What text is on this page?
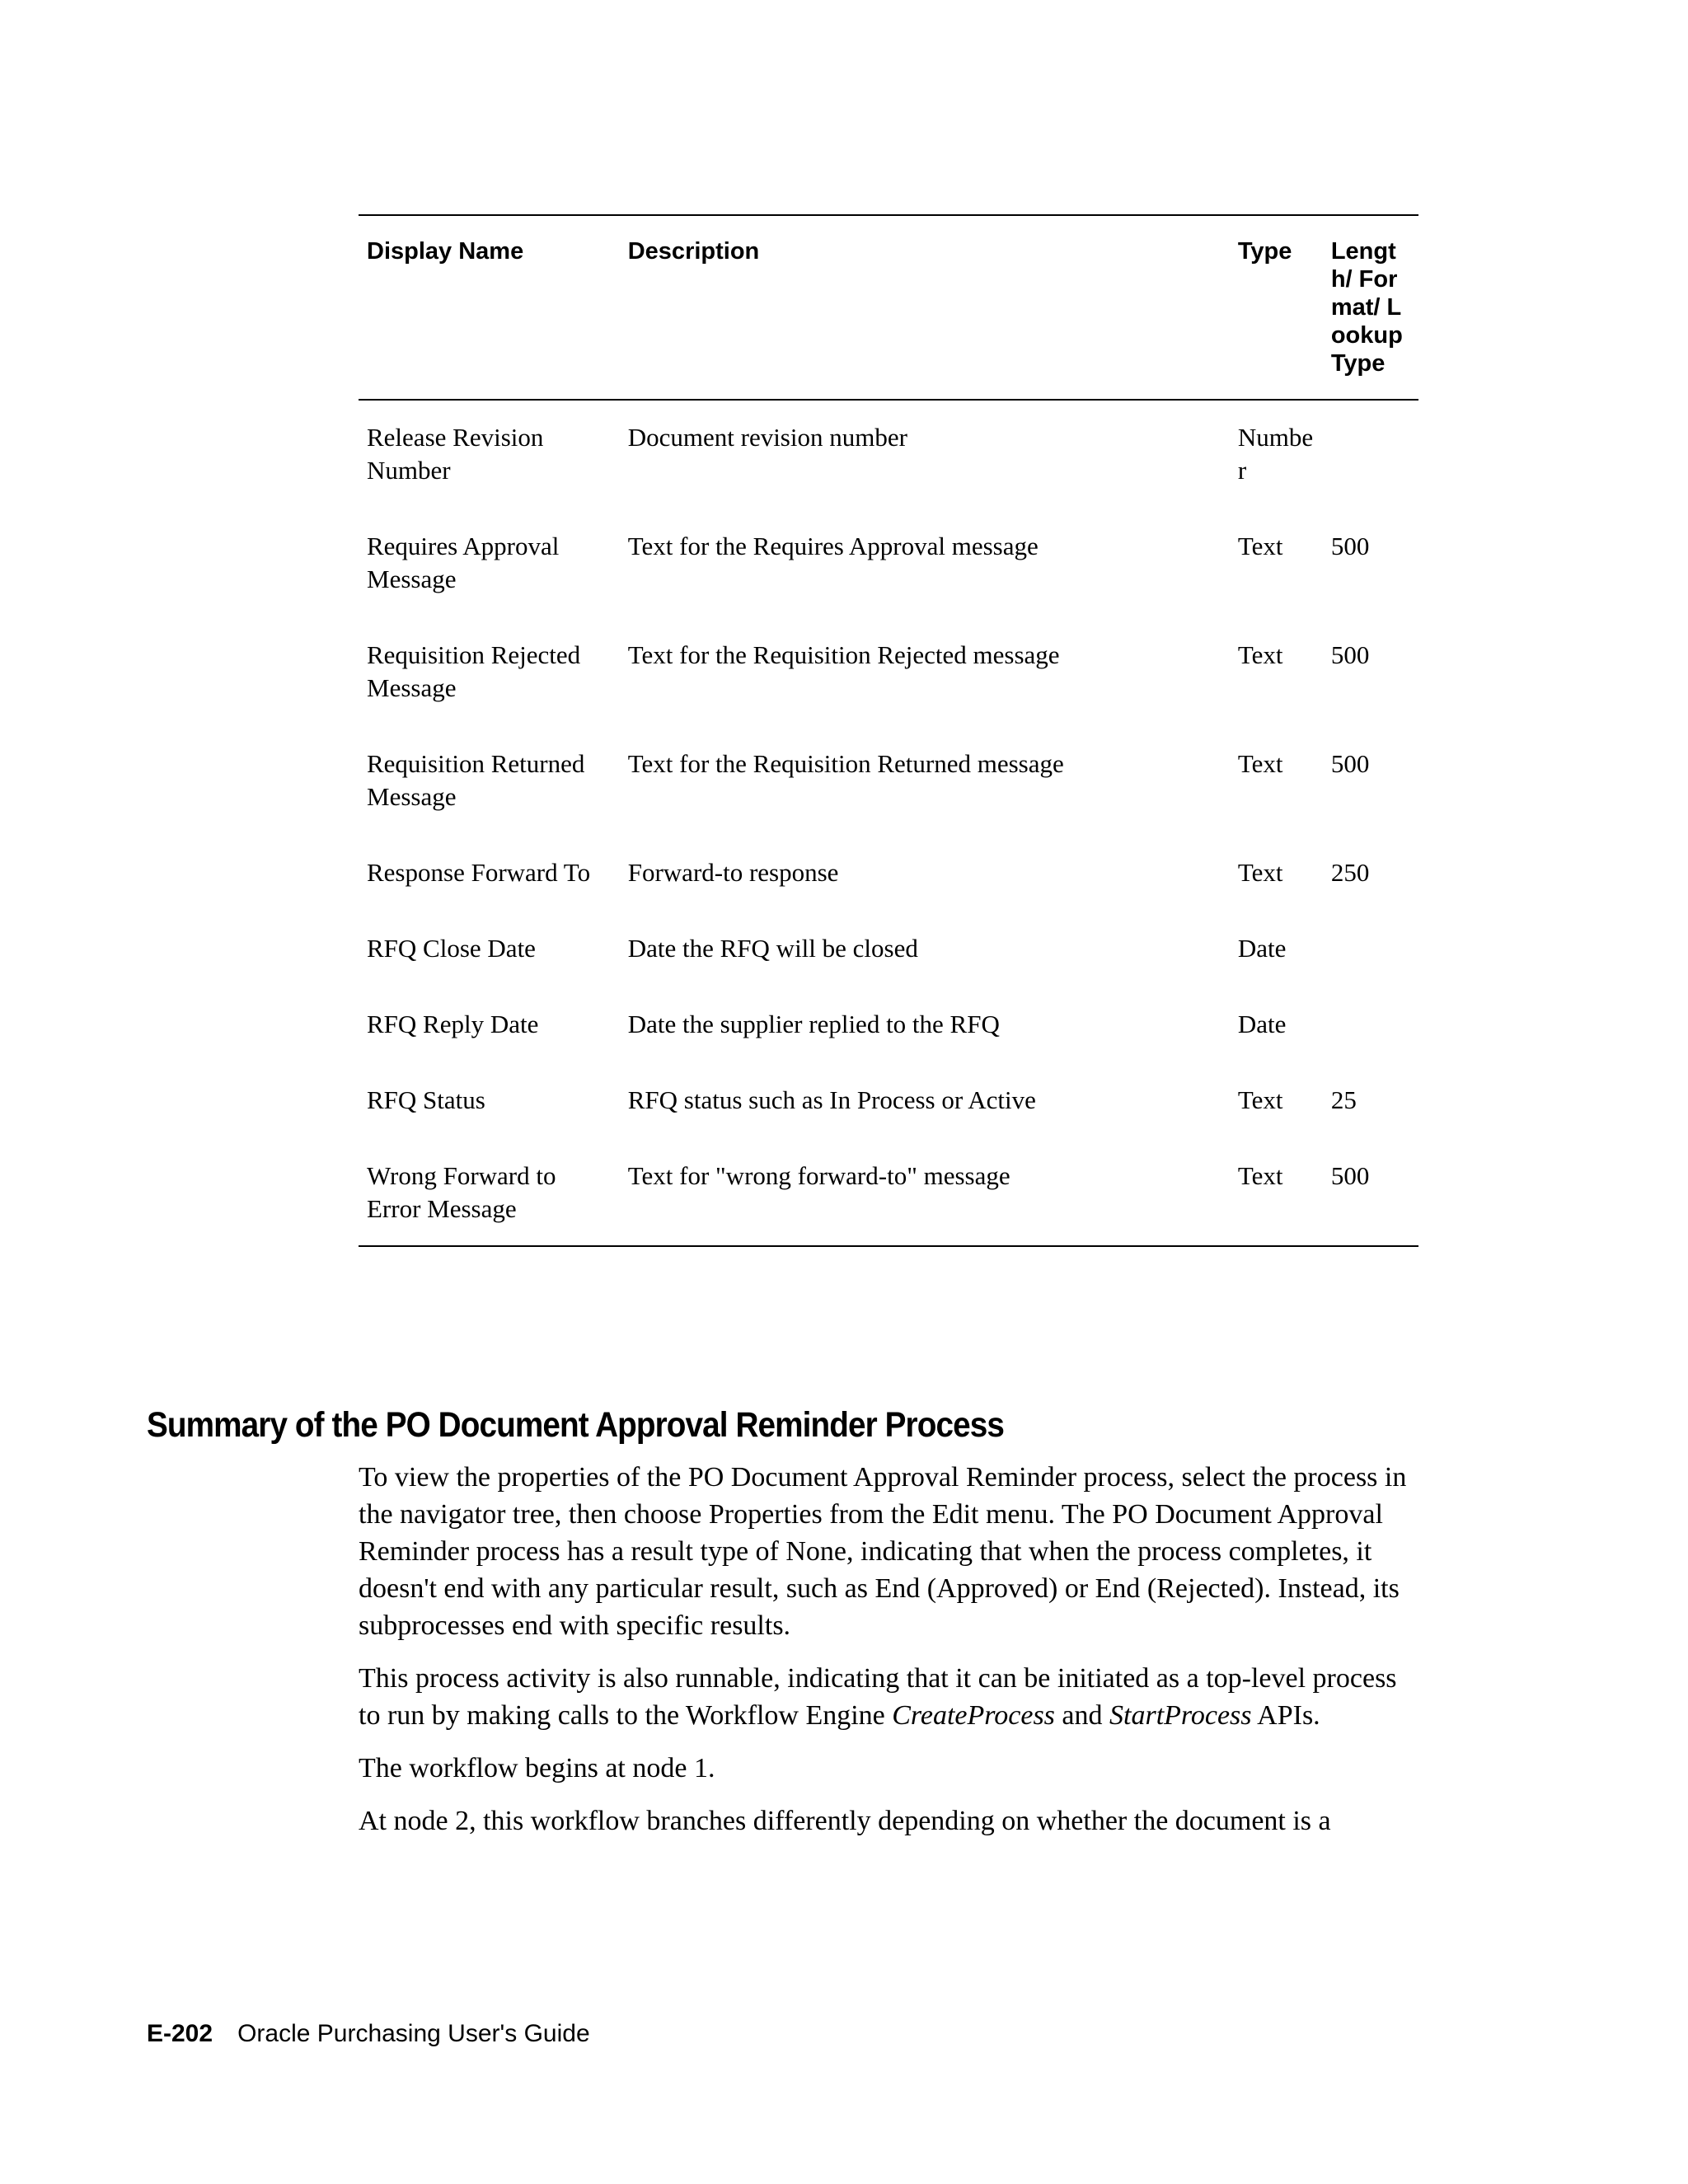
Display Name	Description	Type	Length/ Format/ Lookup Type

Release Revision Number	Document revision number	Number	

Requires Approval Message	Text for the Requires Approval message	Text	500
Requisition Rejected Message	Text for the Requisition Rejected message	Text	500
Requisition Returned Message	Text for the Requisition Returned message	Text	500
Response Forward To	Forward-to response	Text	250
RFQ Close Date	Date the RFQ will be closed	Date	
RFQ Reply Date	Date the supplier replied to the RFQ	Date	
RFQ Status	RFQ status such as In Process or Active	Text	25
Wrong Forward to Error Message	Text for "wrong forward-to" message	Text	500
Summary of the PO Document Approval Reminder Process

To view the properties of the PO Document Approval Reminder process, select the process in the navigator tree, then choose Properties from the Edit menu. The PO Document Approval Reminder process has a result type of None, indicating that when the process completes, it doesn't end with any particular result, such as End (Approved) or End (Rejected). Instead, its subprocesses end with specific results.

This process activity is also runnable, indicating that it can be initiated as a top-level process to run by making calls to the Workflow Engine CreateProcess and StartProcess APIs.

The workflow begins at node 1.

At node 2, this workflow branches differently depending on whether the document is a

E-202 Oracle Purchasing User's Guide
